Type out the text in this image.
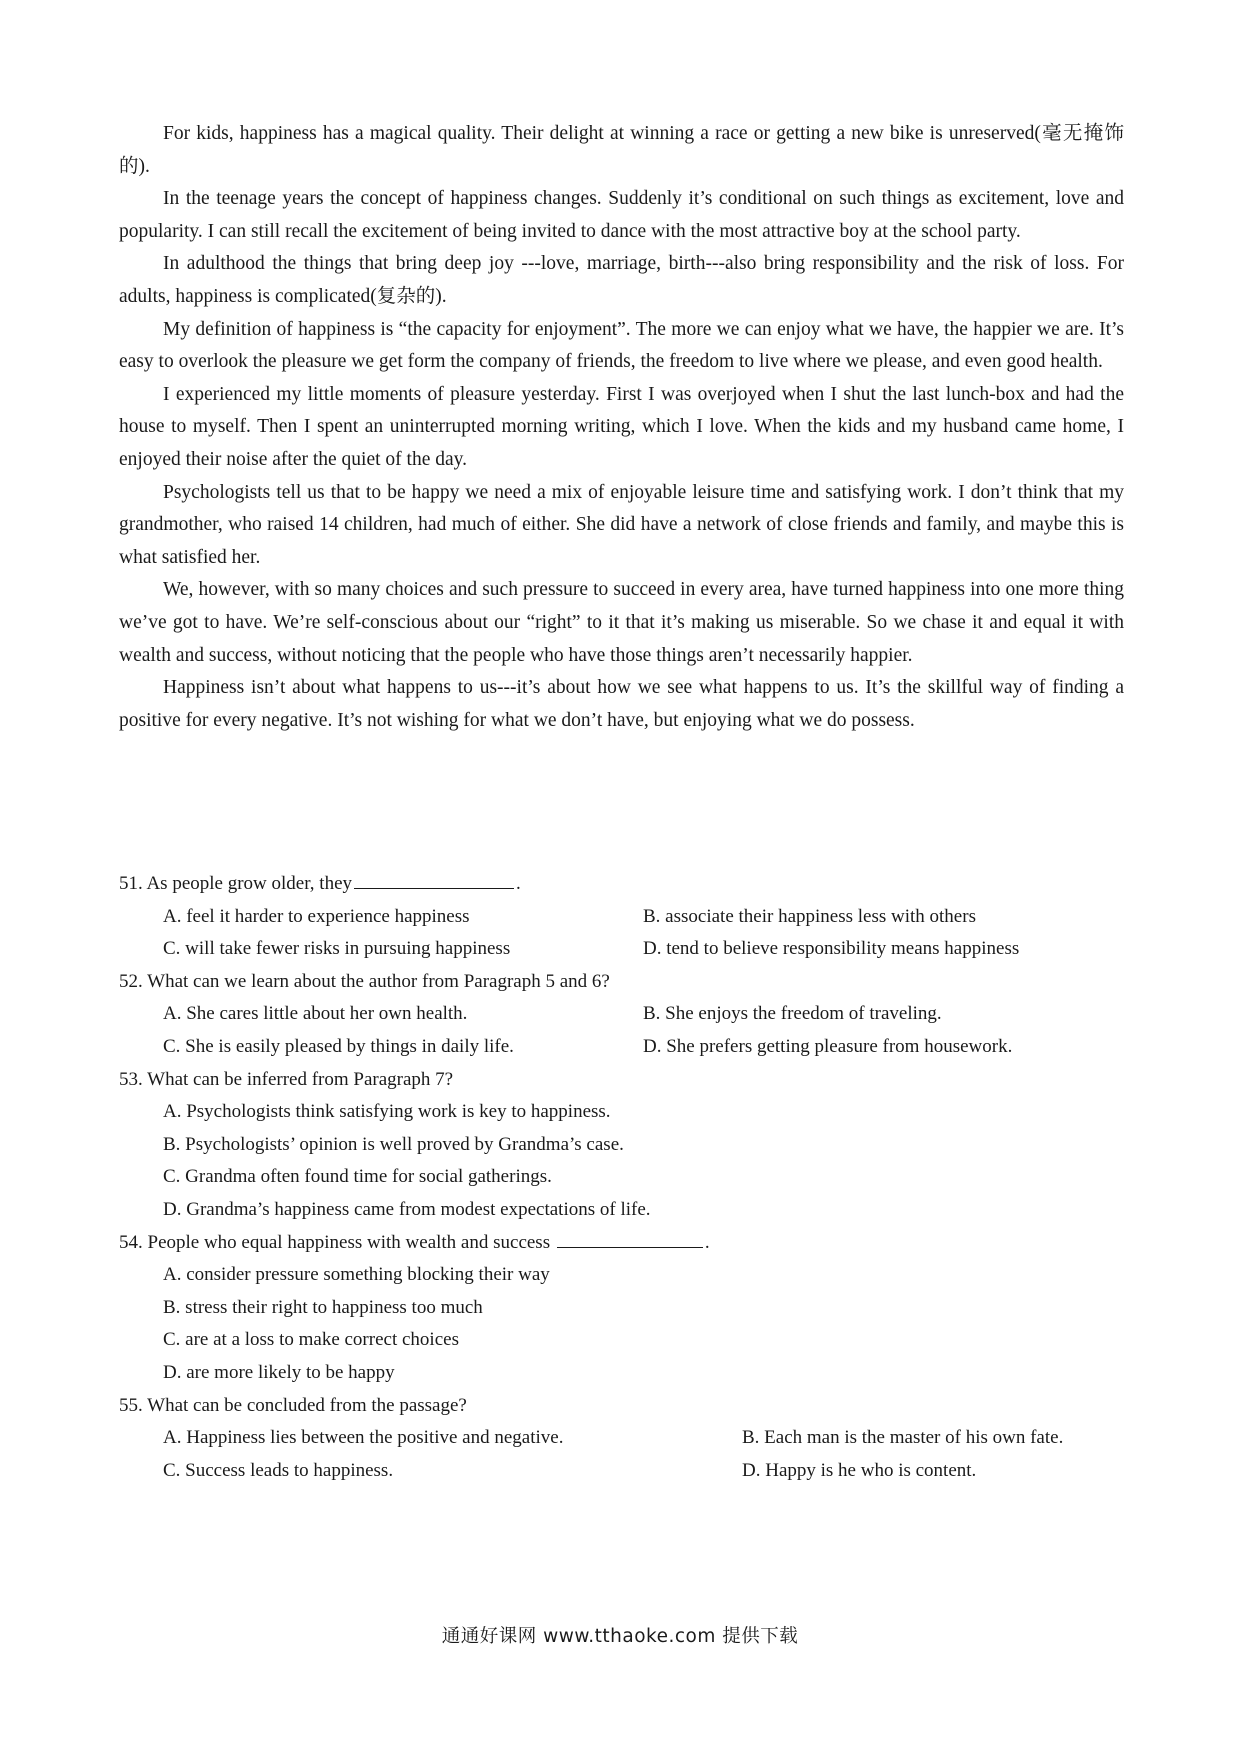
For kids, happiness has a magical quality. Their delight at winning a race or getting a new bike is unreserved(毫无掩饰的).

In the teenage years the concept of happiness changes. Suddenly it’s conditional on such things as excitement, love and popularity. I can still recall the excitement of being invited to dance with the most attractive boy at the school party.

In adulthood the things that bring deep joy ---love, marriage, birth---also bring responsibility and the risk of loss. For adults, happiness is complicated(复杂的).

My definition of happiness is “the capacity for enjoyment”. The more we can enjoy what we have, the happier we are. It’s easy to overlook the pleasure we get form the company of friends, the freedom to live where we please, and even good health.

I experienced my little moments of pleasure yesterday. First I was overjoyed when I shut the last lunch-box and had the house to myself. Then I spent an uninterrupted morning writing, which I love. When the kids and my husband came home, I enjoyed their noise after the quiet of the day.

Psychologists tell us that to be happy we need a mix of enjoyable leisure time and satisfying work. I don’t think that my grandmother, who raised 14 children, had much of either. She did have a network of close friends and family, and maybe this is what satisfied her.

We, however, with so many choices and such pressure to succeed in every area, have turned happiness into one more thing we’ve got to have. We’re self-conscious about our “right” to it that it’s making us miserable. So we chase it and equal it with wealth and success, without noticing that the people who have those things aren’t necessarily happier.

Happiness isn’t about what happens to us---it’s about how we see what happens to us. It’s the skillful way of finding a positive for every negative. It’s not wishing for what we don’t have, but enjoying what we do possess.

51. As people grow older, they	.

A. feel it harder to experience happiness	B. associate their happiness less with others
C. will take fewer risks in pursuing happiness	D. tend to believe responsibility means happiness

52. What can we learn about the author from Paragraph 5 and 6?

A. She cares little about her own health.	B. She enjoys the freedom of traveling.
C. She is easily pleased by things in daily life.	D. She prefers getting pleasure from housework.

53. What can be inferred from Paragraph 7?

A. Psychologists think satisfying work is key to happiness.
B. Psychologists’ opinion is well proved by Grandma’s case.
C. Grandma often found time for social gatherings.
D. Grandma’s happiness came from modest expectations of life.

54. People who equal happiness with wealth and success	.

A. consider pressure something blocking their way
B. stress their right to happiness too much
C. are at a loss to make correct choices
D. are more likely to be happy

55. What can be concluded from the passage?

A. Happiness lies between the positive and negative.	B. Each man is the master of his own fate.
C. Success leads to happiness.	D. Happy is he who is content.
通通好课网 www.tthaoke.com 提供下载
